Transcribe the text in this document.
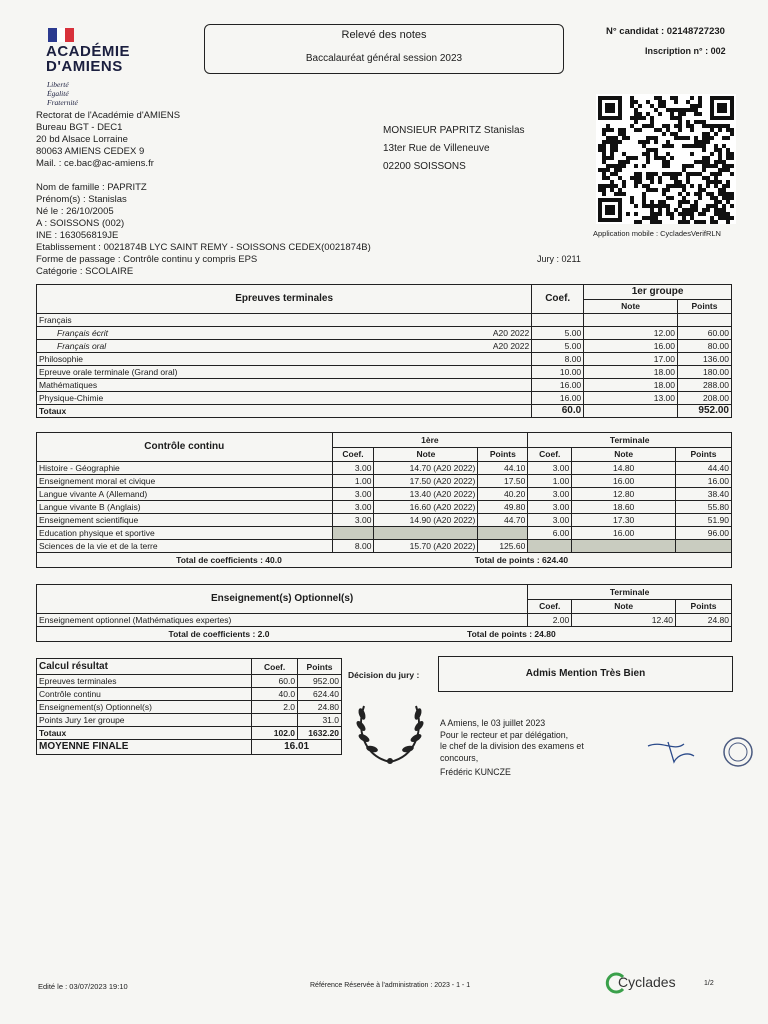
ACADÉMIE
D'AMIENS
Liberté
Égalité
Fraternité
Relevé des notes
Baccalauréat général session 2023
N° candidat : 02148727230
Inscription n° : 002
Rectorat de l'Académie d'AMIENS
Bureau BGT - DEC1
20 bd Alsace Lorraine
80063 AMIENS CEDEX 9
Mail. : ce.bac@ac-amiens.fr
MONSIEUR PAPRITZ Stanislas
13ter Rue de Villeneuve
02200 SOISSONS
Application mobile : CycladesVerifRLN
Nom de famille : PAPRITZ
Prénom(s) : Stanislas
Né le : 26/10/2005
A : SOISSONS (002)
INE : 163056819JE
Etablissement : 0021874B LYC SAINT REMY - SOISSONS CEDEX(0021874B)
Forme de passage : Contrôle continu y compris EPS
Catégorie : SCOLAIRE
Jury : 0211
Epreuves terminales		Coef.	1er groupe	
			Note	Points
Français				
Français écrit	A20 2022	5.00	12.00	60.00
Français oral	A20 2022	5.00	16.00	80.00
Philosophie		8.00	17.00	136.00
Epreuve orale terminale (Grand oral)		10.00	18.00	180.00
Mathématiques		16.00	18.00	288.00
Physique-Chimie		16.00	13.00	208.00
Totaux		60.0		952.00
Contrôle continu	1ère			Terminale		
	Coef.	Note	Points	Coef.	Note	Points
Histoire - Géographie	3.00	14.70 (A20 2022)	44.10	3.00	14.80	44.40
Enseignement moral et civique	1.00	17.50 (A20 2022)	17.50	1.00	16.00	16.00
Langue vivante A (Allemand)	3.00	13.40 (A20 2022)	40.20	3.00	12.80	38.40
Langue vivante B (Anglais)	3.00	16.60 (A20 2022)	49.80	3.00	18.60	55.80
Enseignement scientifique	3.00	14.90 (A20 2022)	44.70	3.00	17.30	51.90
Education physique et sportive				6.00	16.00	96.00
Sciences de la vie et de la terre	8.00	15.70 (A20 2022)	125.60			
Total de coefficients : 40.0 Total de points : 624.40						
Enseignement(s) Optionnel(s)	Terminale		
	Coef.	Note	Points
Enseignement optionnel (Mathématiques expertes)	2.00	12.40	24.80
Total de coefficients : 2.0 Total de points : 24.80			
Calcul résultat	Coef.	Points
Epreuves terminales	60.0	952.00
Contrôle continu	40.0	624.40
Enseignement(s) Optionnel(s)	2.0	24.80
Points Jury 1er groupe		31.0
Totaux	102.0	1632.20
MOYENNE FINALE	16.01	
Décision du jury :	Admis Mention Très Bien
A Amiens, le 03 juillet 2023
Pour le recteur et par délégation,
le chef de la division des examens et
concours,
Frédéric KUNCZE
Edité le : 03/07/2023 19:10	Référence Réservée à l'administration : 2023 - 1 - 1	Cyclades	1/2
